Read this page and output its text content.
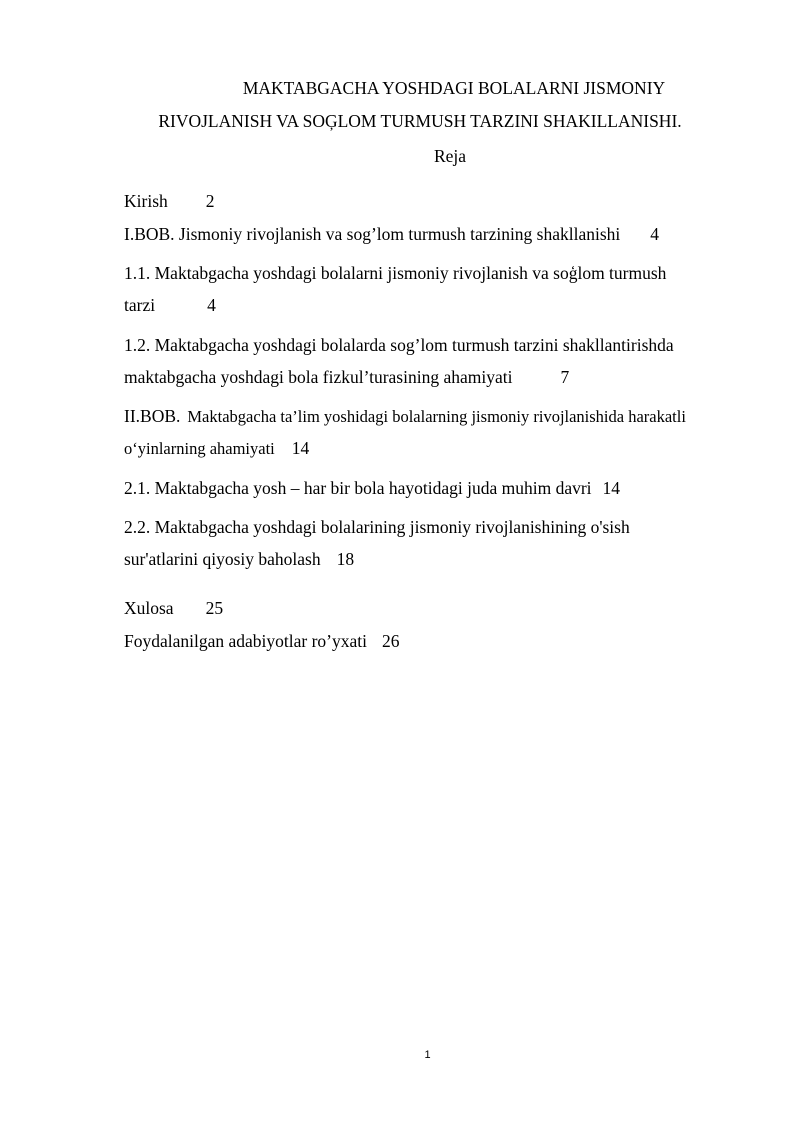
MAKTABGACHA YOSHDAGI BOLALARNI JISMONIY
RIVOJLANISH VA SOĢLOM TURMUSH TARZINI SHAKILLANISHI.
Reja
Kirish 2
I.BOB. Jismoniy rivojlanish va sog’lom turmush tarzining shakllanishi 4
1.1. Maktabgacha yoshdagi bolalarni jismoniy rivojlanish va soģlom turmush
tarzi	4
1.2. Maktabgacha yoshdagi bolalarda sog’lom turmush tarzini shakllantirishda
maktabgacha yoshdagi bola fizkul’turasining ahamiyati	7
II.BOB. Maktabgacha ta’lim yoshidagi bolalarning jismoniy rivojlanishida harakatli
o‘yinlarning ahamiyati 14
2.1. Maktabgacha yosh – har bir bola hayotidagi juda muhim davri 14
2.2. Maktabgacha yoshdagi bolalarining jismoniy rivojlanishining o'sish
sur'atlarini qiyosiy baholash 18
Xulosa 25
Foydalanilgan adabiyotlar ro’yxati 26
1
